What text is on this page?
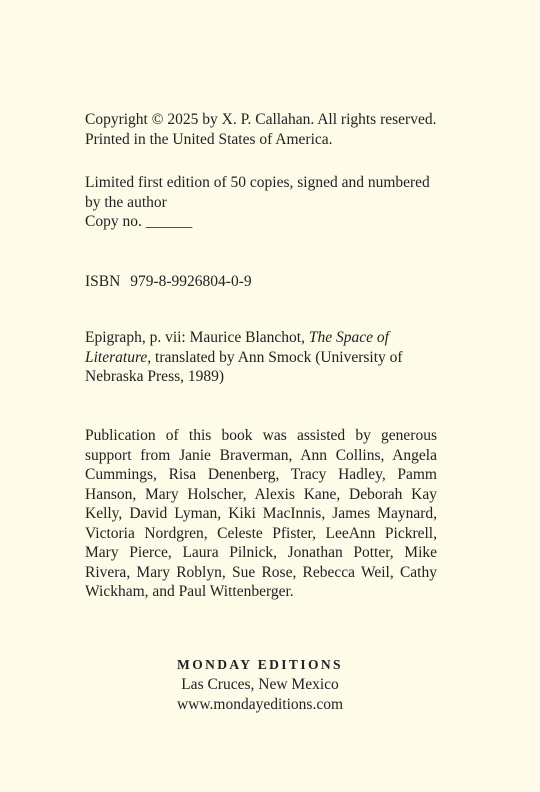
Copyright © 2025 by X. P. Callahan. All rights reserved. Printed in the United States of America.

Limited first edition of 50 copies, signed and numbered by the author

Copy no. ______

ISBN 979-8-9926804-0-9

Epigraph, p. vii: Maurice Blanchot, The Space of Literature, translated by Ann Smock (University of Nebraska Press, 1989)

Publication of this book was assisted by generous support from Janie Braverman, Ann Collins, Angela Cummings, Risa Denenberg, Tracy Hadley, Pamm Hanson, Mary Holscher, Alexis Kane, Deborah Kay Kelly, David Lyman, Kiki MacInnis, James Maynard, Victoria Nordgren, Celeste Pfister, LeeAnn Pickrell, Mary Pierce, Laura Pilnick, Jonathan Potter, Mike Rivera, Mary Roblyn, Sue Rose, Rebecca Weil, Cathy Wickham, and Paul Wittenberger.

MONDAY EDITIONS

Las Cruces, New Mexico

www.mondayeditions.com
